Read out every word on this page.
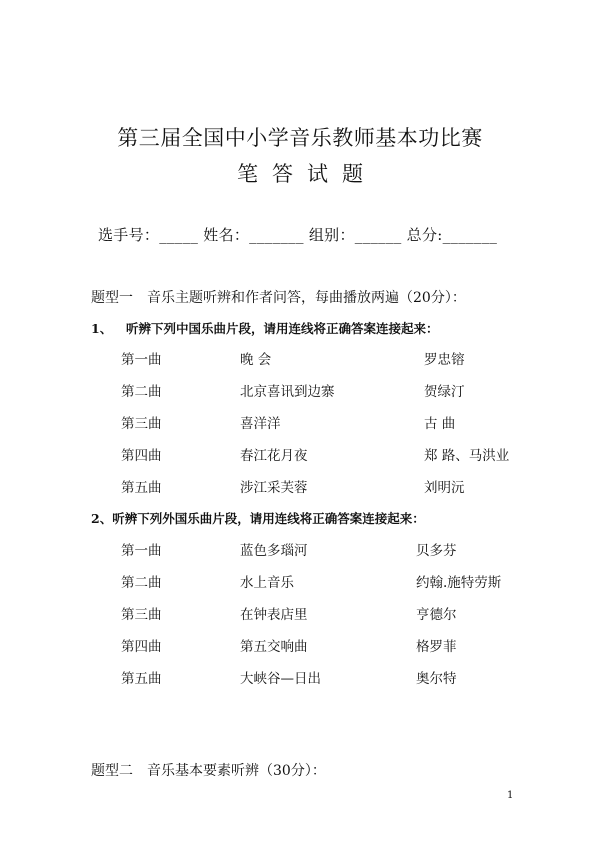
第三届全国中小学音乐教师基本功比赛
笔答试题
选手号：_____ 姓名：_______ 组别：______ 总分:_______
题型一　音乐主题听辨和作者问答，每曲播放两遍（20分）：
1、 听辨下列中国乐曲片段，请用连线将正确答案连接起来：
第一曲	晚 会	罗忠镕
第二曲	北京喜讯到边寨	贺绿汀
第三曲	喜洋洋	古 曲
第四曲	春江花月夜	郑 路、马洪业
第五曲	涉江采芙蓉	刘明沅
2、听辨下列外国乐曲片段，请用连线将正确答案连接起来：
第一曲	蓝色多瑙河	贝多芬
第二曲	水上音乐	约翰.施特劳斯
第三曲	在钟表店里	亨德尔
第四曲	第五交响曲	格罗菲
第五曲	大峡谷—日出	奥尔特
题型二　音乐基本要素听辨（30分）：
1
